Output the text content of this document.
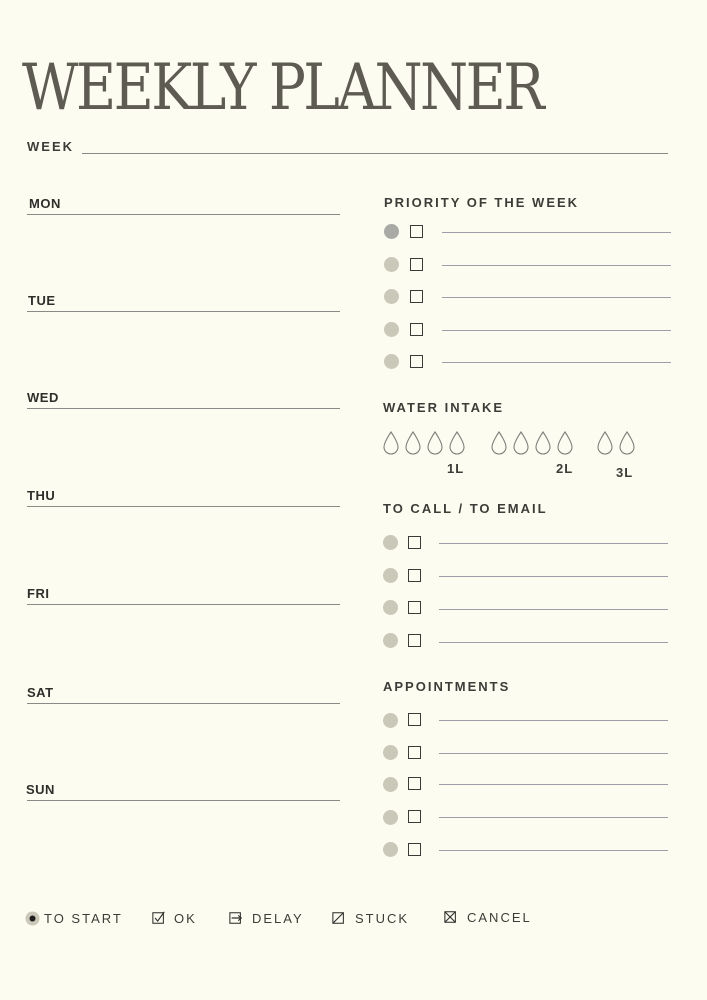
WEEKLY PLANNER
WEEK
MON
TUE
WED
THU
FRI
SAT
SUN
PRIORITY OF THE WEEK
WATER INTAKE
1L	2L	3L
TO CALL / TO EMAIL
APPOINTMENTS
TO START	OK	DELAY	STUCK	CANCEL
